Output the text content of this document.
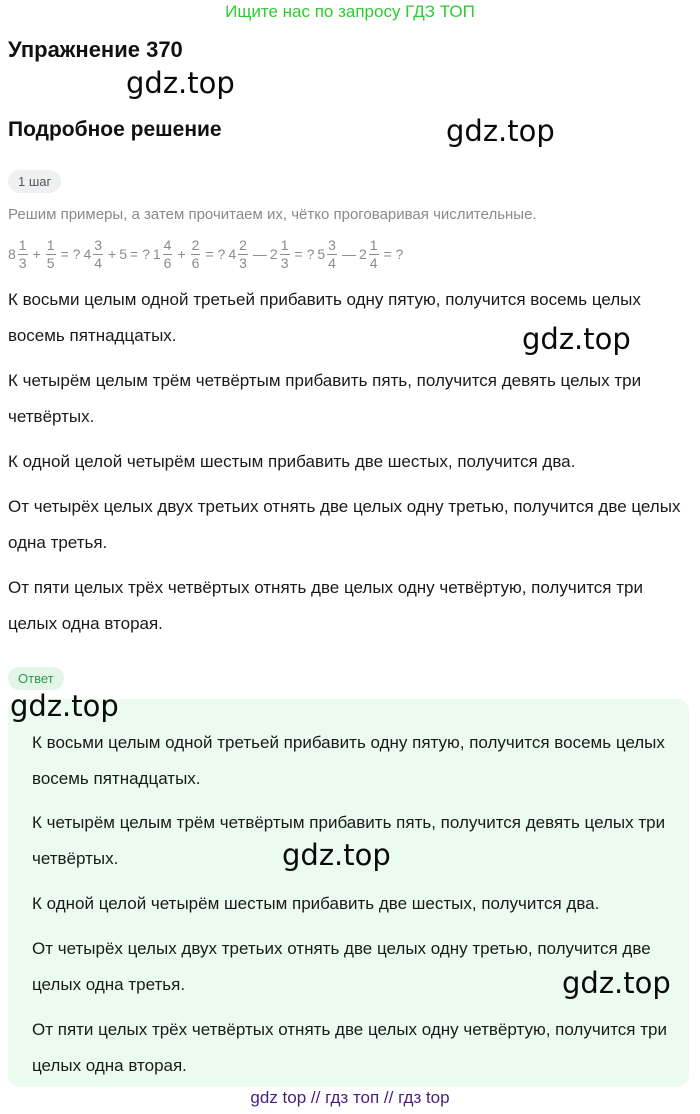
Ищите нас по запросу ГДЗ ТОП
Упражнение 370
gdz.top
Подробное решение	gdz.top
1 шаг
Решим примеры, а затем прочитаем их, чётко проговаривая числительные.
$8 \frac{1}{3} + \frac{1}{5}$ = ? $4 \frac{3}{4} + 5$ = ? $1 \frac{4}{6} + \frac{2}{6}$ = ? $4 \frac{2}{3}$ — $2 \frac{1}{3}$ = ? $5 \frac{3}{4}$ — $2 \frac{1}{4}$ = ?

К восьми целым одной третьей прибавить одну пятую, получится восемь целых восемь пятнадцатых.

К четырём целым трём четвёртым прибавить пять, получится девять целых три четвёртых.

К одной целой четырём шестым прибавить две шестых, получится два.

От четырёх целых двух третьих отнять две целых одну третью, получится две целых одна третья.

От пяти целых трёх четвёртых отнять две целых одну четвёртую, получится три целых одна вторая.

gdz.top
Ответ

К восьми целым одной третьей прибавить одну пятую, получится восемь целых восемь пятнадцатых.

К четырём целым трём четвёртым прибавить пять, получится девять целых три четвёртых.

К одной целой четырём шестым прибавить две шестых, получится два.

От четырёх целых двух третьих отнять две целых одну третью, получится две целых одна третья.

От пяти целых трёх четвёртых отнять две целых одну четвёртую, получится три целых одна вторая.

gdz.top
gdz.top
gdz.top
gdz top // гдз топ // гдз top
